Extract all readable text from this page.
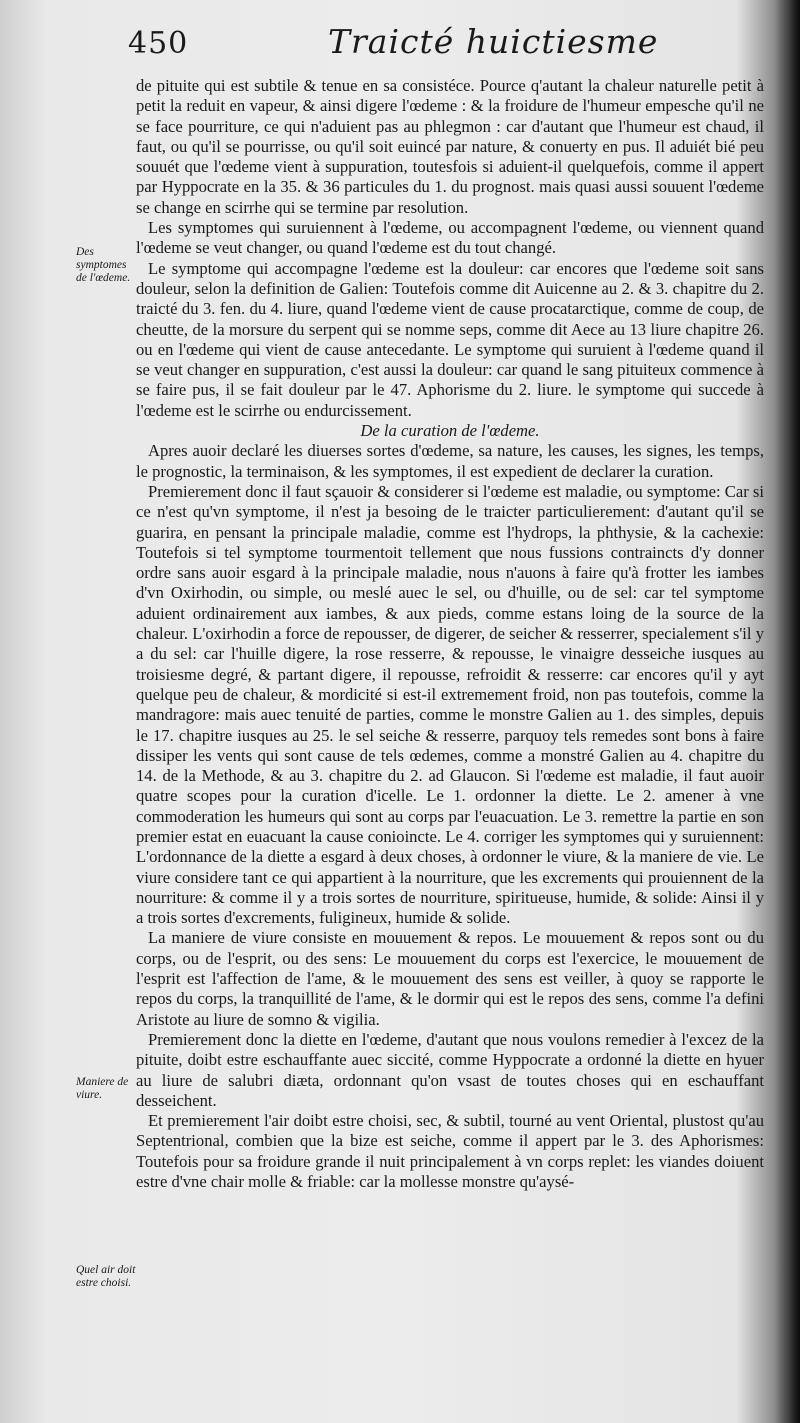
450	Traicté huictiesme
Des symptomes de l'œdeme.
Maniere de viure.
Quel air doit estre choisi.

de pituite qui est subtile & tenue en sa consistéce. Pource q'autant la chaleur naturelle petit à petit la reduit en vapeur, & ainsi digere l'œdeme : & la froidure de l'humeur empesche qu'il ne se face pourriture, ce qui n'aduient pas au phlegmon : car d'autant que l'humeur est chaud, il faut, ou qu'il se pourrisse, ou qu'il soit euincé par nature, & conuerty en pus. Il aduiét bié peu souuét que l'œdeme vient à suppuration, toutesfois si aduient-il quelquefois, comme il appert par Hyppocrate en la 35. & 36 particules du 1. du prognost. mais quasi aussi souuent l'œdeme se change en scirrhe qui se termine par resolution.

Les symptomes qui suruiennent à l'œdeme, ou accompagnent l'œdeme, ou viennent quand l'œdeme se veut changer, ou quand l'œdeme est du tout changé.

Le symptome qui accompagne l'œdeme est la douleur: car encores que l'œdeme soit sans douleur, selon la definition de Galien: Toutefois comme dit Auicenne au 2. & 3. chapitre du 2. traicté du 3. fen. du 4. liure, quand l'œdeme vient de cause procatarctique, comme de coup, de cheutte, de la morsure du serpent qui se nomme seps, comme dit Aece au 13 liure chapitre 26. ou en l'œdeme qui vient de cause antecedante. Le symptome qui suruient à l'œdeme quand il se veut changer en suppuration, c'est aussi la douleur: car quand le sang pituiteux commence à se faire pus, il se fait douleur par le 47. Aphorisme du 2. liure. le symptome qui succede à l'œdeme est le scirrhe ou endurcissement.

De la curation de l'œdeme.

Apres auoir declaré les diuerses sortes d'œdeme, sa nature, les causes, les signes, les temps, le prognostic, la terminaison, & les symptomes, il est expedient de declarer la curation.

Premierement donc il faut sçauoir & considerer si l'œdeme est maladie, ou symptome: Car si ce n'est qu'vn symptome, il n'est ja besoing de le traicter particulierement: d'autant qu'il se guarira, en pensant la principale maladie, comme est l'hydrops, la phthysie, & la cachexie: Toutefois si tel symptome tourmentoit tellement que nous fussions contraincts d'y donner ordre sans auoir esgard à la principale maladie, nous n'auons à faire qu'à frotter les iambes d'vn Oxirhodin, ou simple, ou meslé auec le sel, ou d'huille, ou de sel: car tel symptome aduient ordinairement aux iambes, & aux pieds, comme estans loing de la source de la chaleur. L'oxirhodin a force de repousser, de digerer, de seicher & resserrer, specialement s'il y a du sel: car l'huille digere, la rose resserre, & repousse, le vinaigre desseiche iusques au troisiesme degré, & partant digere, il repousse, refroidit & resserre: car encores qu'il y ayt quelque peu de chaleur, & mordicité si est-il extremement froid, non pas toutefois, comme la mandragore: mais auec tenuité de parties, comme le monstre Galien au 1. des simples, depuis le 17. chapitre iusques au 25. le sel seiche & resserre, parquoy tels remedes sont bons à faire dissiper les vents qui sont cause de tels œdemes, comme a monstré Galien au 4. chapitre du 14. de la Methode, & au 3. chapitre du 2. ad Glaucon. Si l'œdeme est maladie, il faut auoir quatre scopes pour la curation d'icelle. Le 1. ordonner la diette. Le 2. amener à vne commoderation les humeurs qui sont au corps par l'euacuation. Le 3. remettre la partie en son premier estat en euacuant la cause conioincte. Le 4. corriger les symptomes qui y suruiennent: L'ordonnance de la diette a esgard à deux choses, à ordonner le viure, & la maniere de vie. Le viure considere tant ce qui appartient à la nourriture, que les excrements qui prouiennent de la nourriture: & comme il y a trois sortes de nourriture, spiritueuse, humide, & solide: Ainsi il y a trois sortes d'excrements, fuligineux, humide & solide.

La maniere de viure consiste en mouuement & repos. Le mouuement & repos sont ou du corps, ou de l'esprit, ou des sens: Le mouuement du corps est l'exercice, le mouuement de l'esprit est l'affection de l'ame, & le mouuement des sens est veiller, à quoy se rapporte le repos du corps, la tranquillité de l'ame, & le dormir qui est le repos des sens, comme l'a defini Aristote au liure de somno & vigilia.

Premierement donc la diette en l'œdeme, d'autant que nous voulons remedier à l'excez de la pituite, doibt estre eschauffante auec siccité, comme Hyppocrate a ordonné la diette en hyuer au liure de salubri diæta, ordonnant qu'on vsast de toutes choses qui en eschauffant desseichent.

Et premierement l'air doibt estre choisi, sec, & subtil, tourné au vent Oriental, plustost qu'au Septentrional, combien que la bize est seiche, comme il appert par le 3. des Aphorismes: Toutefois pour sa froidure grande il nuit principalement à vn corps replet: les viandes doiuent estre d'vne chair molle & friable: car la mollesse monstre qu'aysé-
